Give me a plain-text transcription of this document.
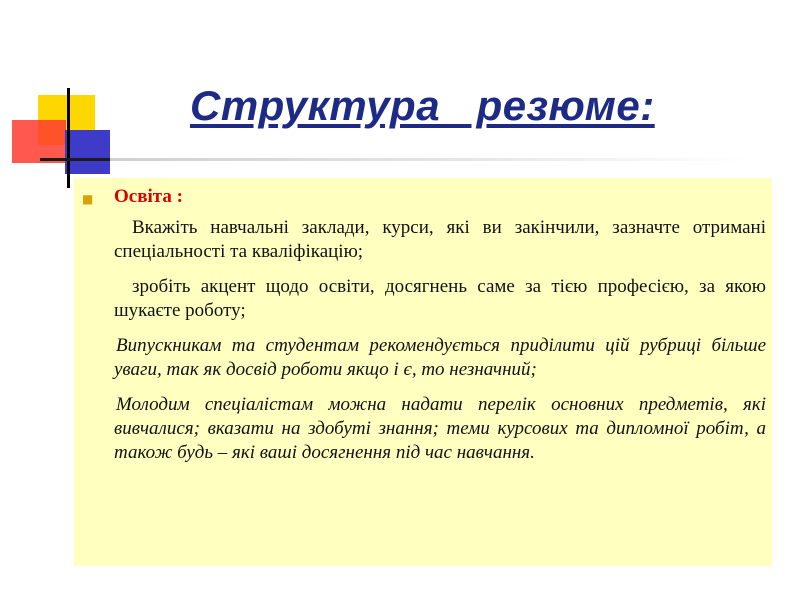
Структура   резюме:
■ Освіта :

Вкажіть навчальні заклади, курси, які ви закінчили, зазначте отримані спеціальності та кваліфікацію;

зробіть акцент щодо освіти, досягнень саме за тією професією, за якою шукаєте роботу;

Випускникам та студентам рекомендується приділити цій рубриці більше уваги, так як досвід роботи якщо і є, то незначний;

Молодим спеціалістам можна надати перелік основних предметів, які вивчалися; вказати на здобуті знання; теми курсових та дипломної робіт, а також будь – які ваші досягнення під час навчання.
